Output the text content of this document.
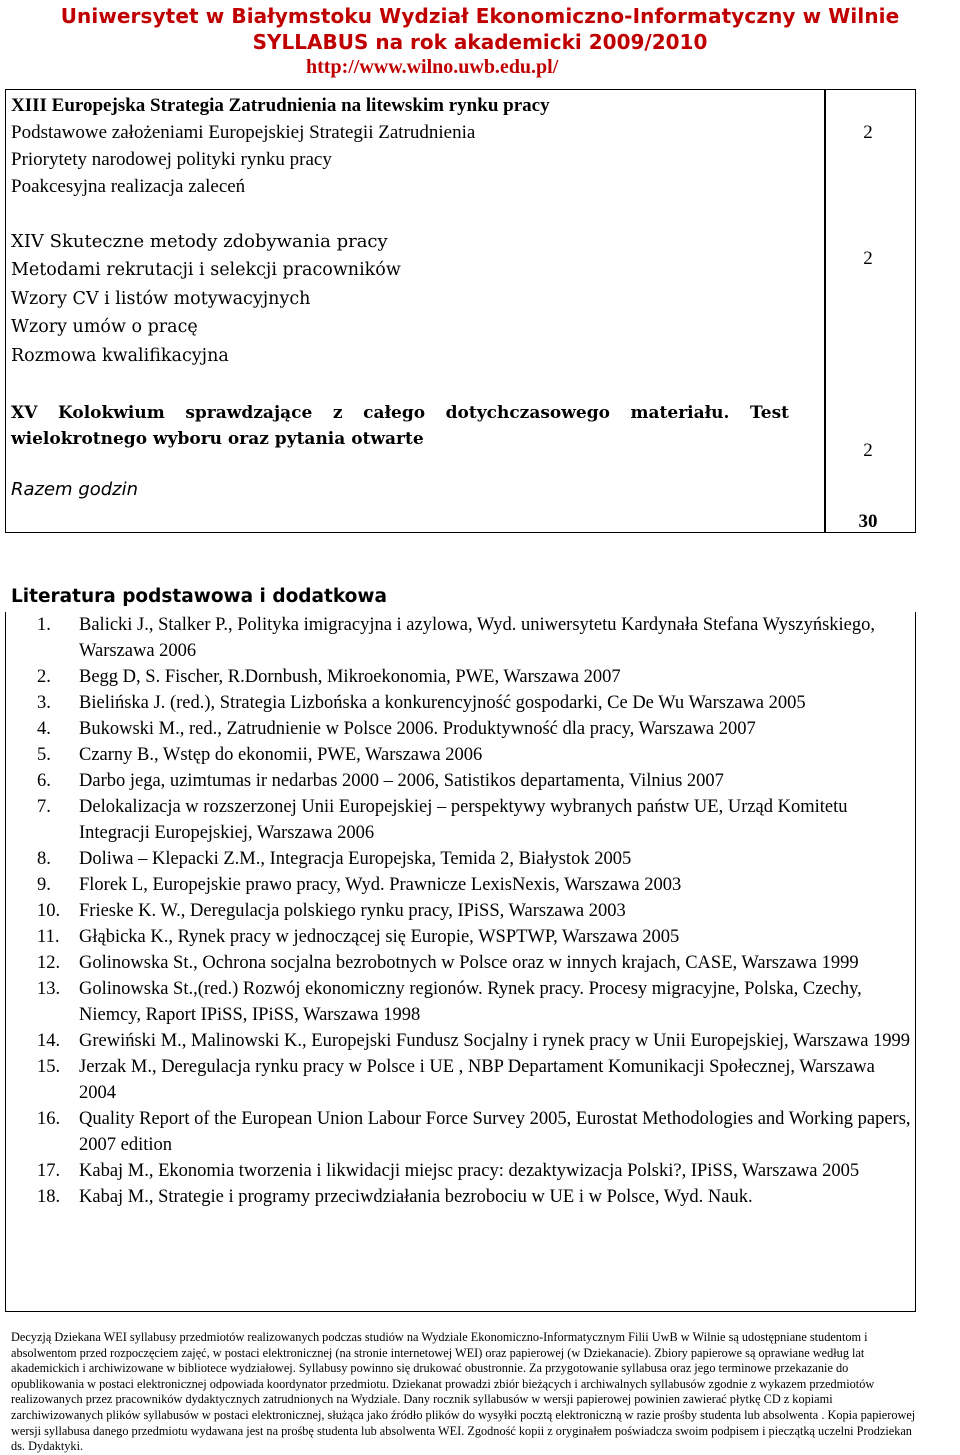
Uniwersytet w Białymstoku Wydział Ekonomiczno-Informatyczny w Wilnie
SYLLABUS na rok akademicki 2009/2010
http://www.wilno.uwb.edu.pl/
XIII Europejska Strategia Zatrudnienia na litewskim rynku pracy
Podstawowe założeniami Europejskiej Strategii Zatrudnienia
Priorytety narodowej polityki rynku pracy
Poakcesyjna realizacja zaleceń
2
XIV Skuteczne metody zdobywania pracy
Metodami rekrutacji i selekcji pracowników
Wzory CV i listów motywacyjnych
Wzory umów o pracę
Rozmowa kwalifikacyjna
2
XV Kolokwium sprawdzające z całego dotychczasowego materiału. Test
wielokrotnego wyboru oraz pytania otwarte
2
Razem godzin
30
Literatura podstawowa i dodatkowa
1. Balicki J., Stalker P., Polityka imigracyjna i azylowa, Wyd. uniwersytetu Kardynała Stefana Wyszyńskiego, Warszawa 2006
2. Begg D, S. Fischer, R.Dornbush, Mikroekonomia, PWE, Warszawa 2007
3. Bielińska J. (red.), Strategia Lizbońska a konkurencyjność gospodarki, Ce De Wu Warszawa 2005
4. Bukowski M., red., Zatrudnienie w Polsce 2006. Produktywność dla pracy, Warszawa 2007
5. Czarny B., Wstęp do ekonomii, PWE, Warszawa 2006
6. Darbo jega, uzimtumas ir nedarbas 2000 – 2006, Satistikos departamenta, Vilnius 2007
7. Delokalizacja w rozszerzonej Unii Europejskiej – perspektywy wybranych państw UE, Urząd Komitetu Integracji Europejskiej, Warszawa 2006
8. Doliwa – Klepacki Z.M., Integracja Europejska, Temida 2, Białystok 2005
9. Florek L, Europejskie prawo pracy, Wyd. Prawnicze LexisNexis, Warszawa 2003
10. Frieske K. W., Deregulacja polskiego rynku pracy, IPiSS, Warszawa 2003
11. Głąbicka K., Rynek pracy w jednoczącej się Europie, WSPTWP, Warszawa 2005
12. Golinowska St., Ochrona socjalna bezrobotnych w Polsce oraz w innych krajach, CASE, Warszawa 1999
13. Golinowska St.,(red.) Rozwój ekonomiczny regionów. Rynek pracy. Procesy migracyjne, Polska, Czechy, Niemcy, Raport IPiSS, IPiSS, Warszawa 1998
14. Grewiński M., Malinowski K., Europejski Fundusz Socjalny i rynek pracy w Unii Europejskiej, Warszawa 1999
15. Jerzak M., Deregulacja rynku pracy w Polsce i UE , NBP Departament Komunikacji Społecznej, Warszawa 2004
16. Quality Report of the European Union Labour Force Survey 2005, Eurostat Methodologies and Working papers, 2007 edition
17. Kabaj M., Ekonomia tworzenia i likwidacji miejsc pracy: dezaktywizacja Polski?, IPiSS, Warszawa 2005
18. Kabaj M., Strategie i programy przeciwdziałania bezrobociu w UE i w Polsce, Wyd. Nauk.
Decyzją Dziekana WEI syllabusy przedmiotów realizowanych podczas studiów na Wydziale Ekonomiczno-Informatycznym Filii UwB w Wilnie są udostępniane studentom i absolwentom przed rozpoczęciem zajęć, w postaci elektronicznej (na stronie internetowej WEI) oraz papierowej (w Dziekanacie). Zbiory papierowe są oprawiane według lat akademickich i archiwizowane w bibliotece wydziałowej. Syllabusy powinno się drukować obustronnie. Za przygotowanie syllabusa oraz jego terminowe przekazanie do opublikowania w postaci elektronicznej odpowiada koordynator przedmiotu. Dziekanat prowadzi zbiór bieżących i archiwalnych syllabusów zgodnie z wykazem przedmiotów realizowanych przez pracowników dydaktycznych zatrudnionych na Wydziale. Dany rocznik syllabusów w wersji papierowej powinien zawierać płytkę CD z kopiami zarchiwizowanych plików syllabusów w postaci elektronicznej, służąca jako źródło plików do wysyłki pocztą elektroniczną w razie prośby studenta lub absolwenta . Kopia papierowej wersji syllabusa danego przedmiotu wydawana jest na prośbę studenta lub absolwenta WEI. Zgodność kopii z oryginałem poświadcza swoim podpisem i pieczątką uczelni Prodziekan ds. Dydaktyki.
